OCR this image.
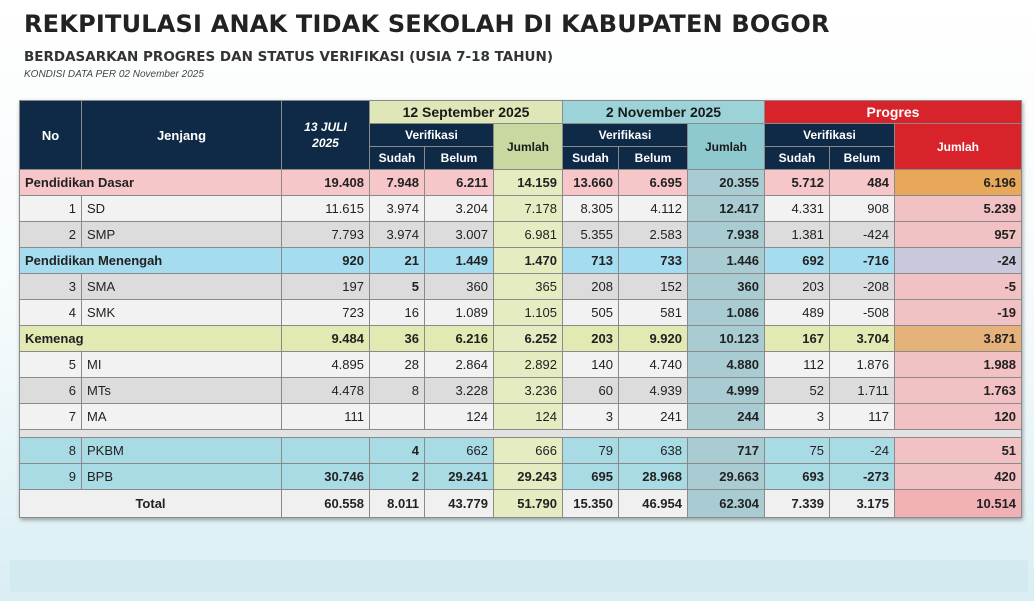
REKPITULASI ANAK TIDAK SEKOLAH DI KABUPATEN BOGOR
BERDASARKAN PROGRES DAN STATUS VERIFIKASI (USIA 7-18 TAHUN)
KONDISI DATA PER 02 November 2025
No	Jenjang	13 JULI
2025	12 September 2025			2 November 2025			Progres		
			Verifikasi		Jumlah	Verifikasi		Jumlah	Verifikasi		Jumlah
			Sudah	Belum		Sudah	Belum		Sudah	Belum	
Pendidikan Dasar		19.408	7.948	6.211	14.159	13.660	6.695	20.355	5.712	484	6.196
1	SD	11.615	3.974	3.204	7.178	8.305	4.112	12.417	4.331	908	5.239
2	SMP	7.793	3.974	3.007	6.981	5.355	2.583	7.938	1.381	-424	957
Pendidikan Menengah		920	21	1.449	1.470	713	733	1.446	692	-716	-24
3	SMA	197	5	360	365	208	152	360	203	-208	-5
4	SMK	723	16	1.089	1.105	505	581	1.086	489	-508	-19
Kemenag		9.484	36	6.216	6.252	203	9.920	10.123	167	3.704	3.871
5	MI	4.895	28	2.864	2.892	140	4.740	4.880	112	1.876	1.988
6	MTs	4.478	8	3.228	3.236	60	4.939	4.999	52	1.711	1.763
7	MA	111		124	124	3	241	244	3	117	120

8	PKBM		4	662	666	79	638	717	75	-24	51
9	BPB	30.746	2	29.241	29.243	695	28.968	29.663	693	-273	420
Total		60.558	8.011	43.779	51.790	15.350	46.954	62.304	7.339	3.175	10.514
